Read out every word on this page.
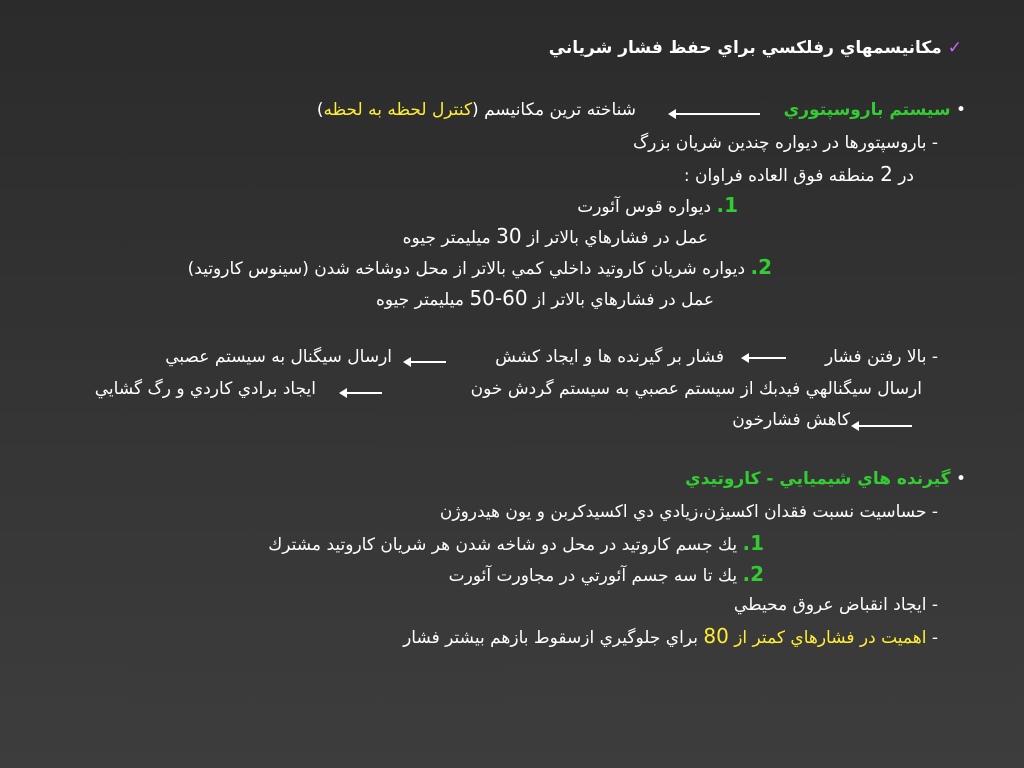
✓ مكانيسمهاي رفلكسي براي حفظ فشار شرياني
• سيستم باروسپتوري
شناخته ترين مكانيسم (كنترل لحظه به لحظه)
- باروسپتورها در ديواره چندين شريان بزرگ
در 2 منطقه فوق العاده فراوان :
1. ديواره قوس آئورت
عمل در فشارهاي بالاتر از 30 ميليمتر جيوه
2. ديواره شريان كاروتيد داخلي كمي بالاتر از محل دوشاخه شدن (سينوس كاروتيد)
عمل در فشارهاي بالاتر از 60-50 ميليمتر جيوه
- بالا رفتن فشار
فشار بر گيرنده ها و ايجاد كشش
ارسال سيگنال به سيستم عصبي
ارسال سيگنالهي فيدبك از سيستم عصبي به سيستم گردش خون
ايجاد برادي كاردي و رگ گشايي
كاهش فشارخون
• گيرنده هاي شيميايي - كاروتيدي
- حساسيت نسبت فقدان اكسيژن،زيادي دي اكسيدكربن و يون هيدروژن
1. يك جسم كاروتيد در محل دو شاخه شدن هر شريان كاروتيد مشترك
2. يك تا سه جسم آئورتي در مجاورت آئورت
- ايجاد انقباض عروق محيطي
- اهميت در فشارهاي كمتر از 80 براي جلوگيري ازسقوط بازهم بيشتر فشار
